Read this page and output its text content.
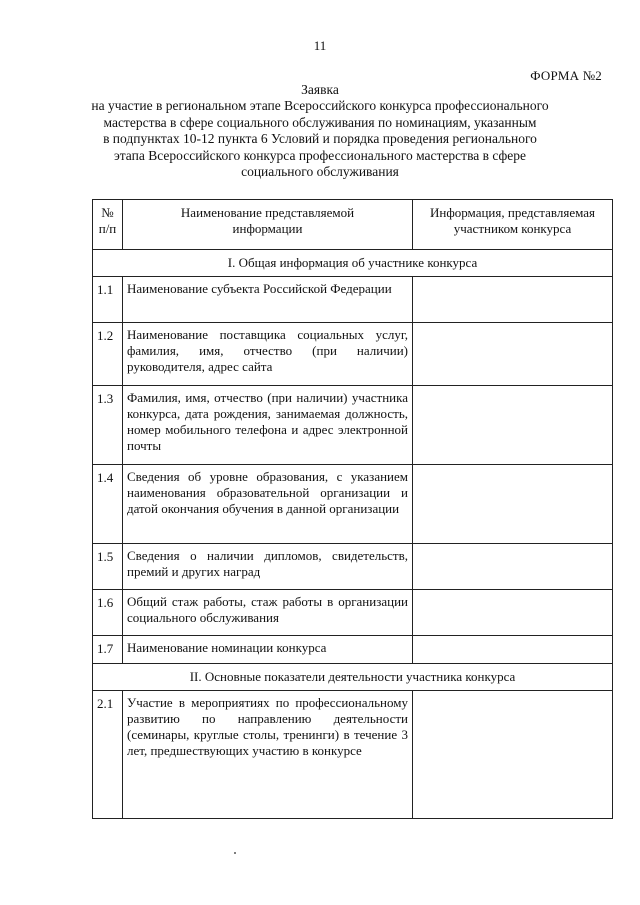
11
ФОРМА №2
Заявка
на участие в региональном этапе Всероссийского конкурса профессионального
мастерства в сфере социального обслуживания по номинациям, указанным
в подпунктах 10-12 пункта 6 Условий и порядка проведения регионального
этапа Всероссийского конкурса профессионального мастерства в сфере
социального обслуживания
№ п/п	Наименование представляемой информации	Информация, представляемая участником конкурса
I. Общая информация об участнике конкурса		
1.1	Наименование субъекта Российской Федерации	
1.2	Наименование поставщика социальных услуг, фамилия, имя, отчество (при наличии) руководителя, адрес сайта	
1.3	Фамилия, имя, отчество (при наличии) участника конкурса, дата рождения, занимаемая должность, номер мобильного телефона и адрес электронной почты	
1.4	Сведения об уровне образования, с указанием наименования образовательной организации и датой окончания обучения в данной организации	
1.5	Сведения о наличии дипломов, свидетельств, премий и других наград	
1.6	Общий стаж работы, стаж работы в организации социального обслуживания	
1.7	Наименование номинации конкурса	
II. Основные показатели деятельности участника конкурса		
2.1	Участие в мероприятиях по профессиональному развитию по направлению деятельности (семинары, круглые столы, тренинги) в течение 3 лет, предшествующих участию в конкурсе	
